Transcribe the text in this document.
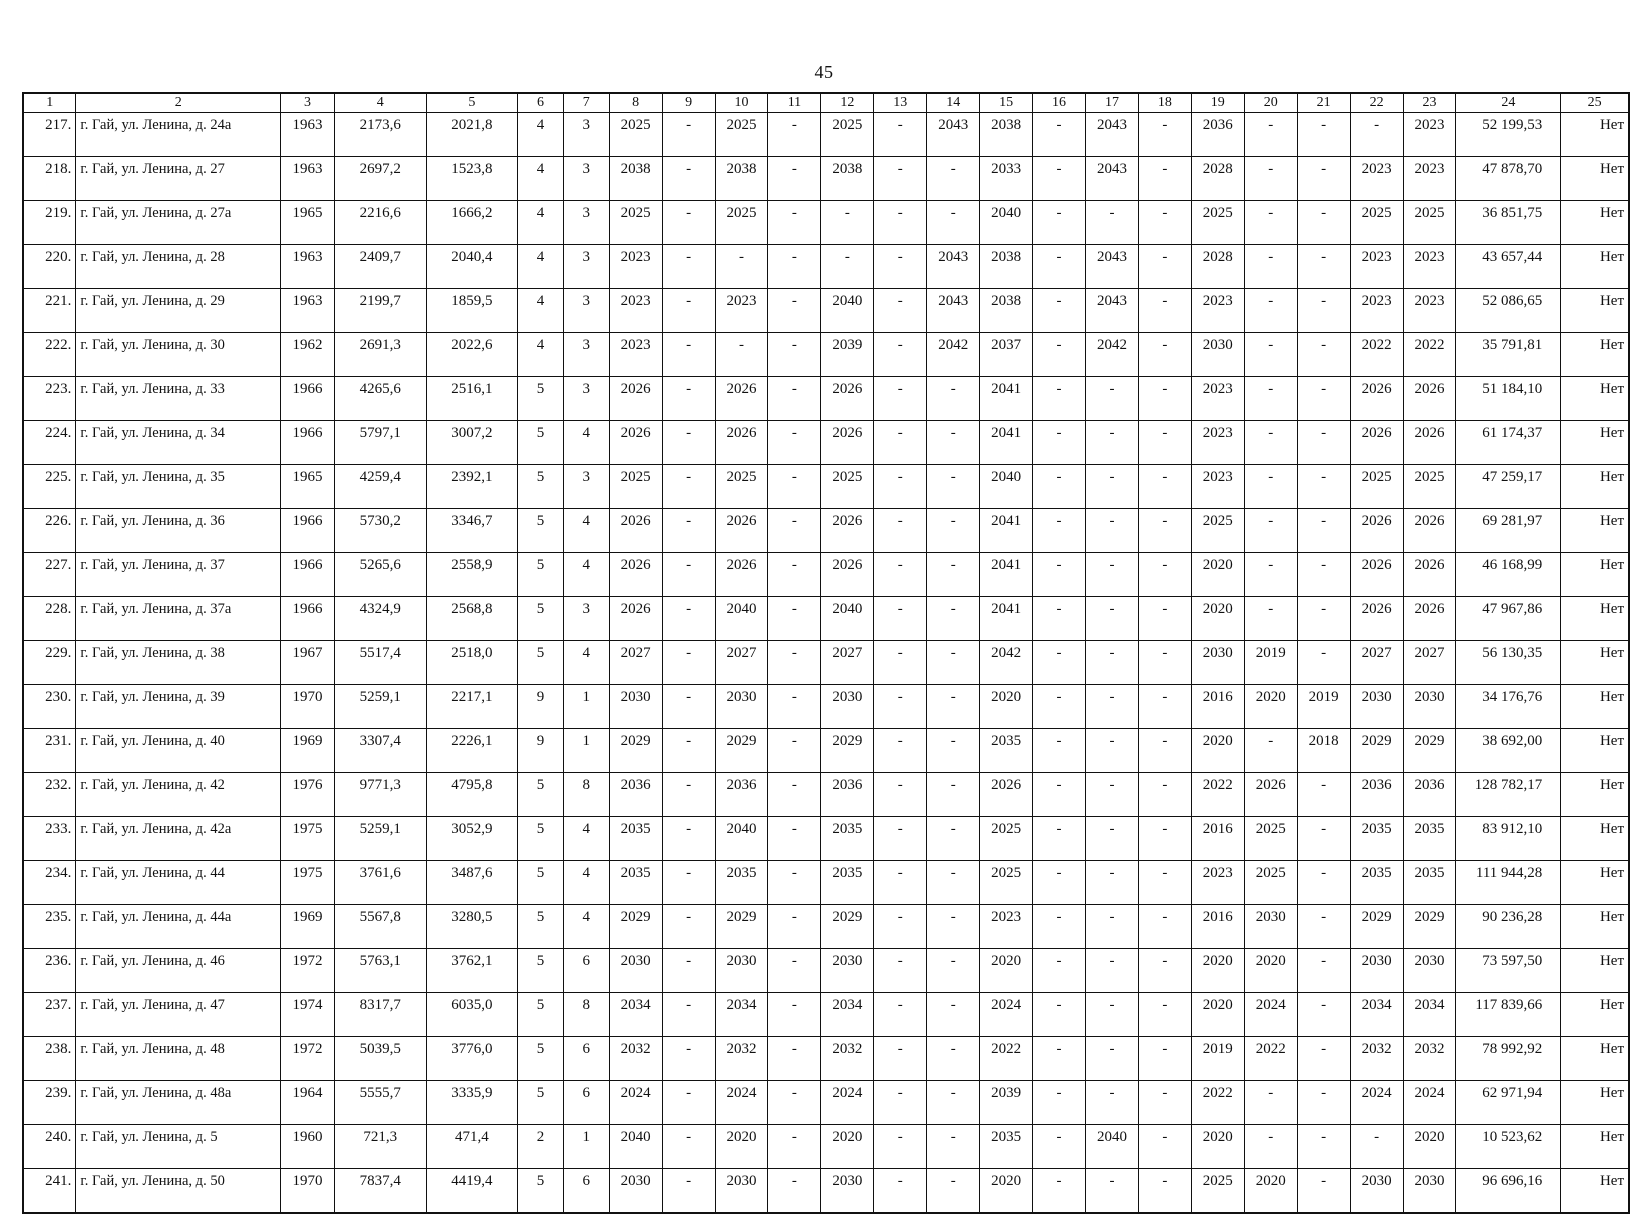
45
1	2	3	4	5	6	7	8	9	10	11	12	13	14	15	16	17	18	19	20	21	22	23	24	25
217.	г. Гай, ул. Ленина, д. 24а	1963	2173,6	2021,8	4	3	2025	-	2025	-	2025	-	2043	2038	-	2043	-	2036	-	-	-	2023	52 199,53	Нет
218.	г. Гай, ул. Ленина, д. 27	1963	2697,2	1523,8	4	3	2038	-	2038	-	2038	-	-	2033	-	2043	-	2028	-	-	2023	2023	47 878,70	Нет
219.	г. Гай, ул. Ленина, д. 27а	1965	2216,6	1666,2	4	3	2025	-	2025	-	-	-	-	2040	-	-	-	2025	-	-	2025	2025	36 851,75	Нет
220.	г. Гай, ул. Ленина, д. 28	1963	2409,7	2040,4	4	3	2023	-	-	-	-	-	2043	2038	-	2043	-	2028	-	-	2023	2023	43 657,44	Нет
221.	г. Гай, ул. Ленина, д. 29	1963	2199,7	1859,5	4	3	2023	-	2023	-	2040	-	2043	2038	-	2043	-	2023	-	-	2023	2023	52 086,65	Нет
222.	г. Гай, ул. Ленина, д. 30	1962	2691,3	2022,6	4	3	2023	-	-	-	2039	-	2042	2037	-	2042	-	2030	-	-	2022	2022	35 791,81	Нет
223.	г. Гай, ул. Ленина, д. 33	1966	4265,6	2516,1	5	3	2026	-	2026	-	2026	-	-	2041	-	-	-	2023	-	-	2026	2026	51 184,10	Нет
224.	г. Гай, ул. Ленина, д. 34	1966	5797,1	3007,2	5	4	2026	-	2026	-	2026	-	-	2041	-	-	-	2023	-	-	2026	2026	61 174,37	Нет
225.	г. Гай, ул. Ленина, д. 35	1965	4259,4	2392,1	5	3	2025	-	2025	-	2025	-	-	2040	-	-	-	2023	-	-	2025	2025	47 259,17	Нет
226.	г. Гай, ул. Ленина, д. 36	1966	5730,2	3346,7	5	4	2026	-	2026	-	2026	-	-	2041	-	-	-	2025	-	-	2026	2026	69 281,97	Нет
227.	г. Гай, ул. Ленина, д. 37	1966	5265,6	2558,9	5	4	2026	-	2026	-	2026	-	-	2041	-	-	-	2020	-	-	2026	2026	46 168,99	Нет
228.	г. Гай, ул. Ленина, д. 37а	1966	4324,9	2568,8	5	3	2026	-	2040	-	2040	-	-	2041	-	-	-	2020	-	-	2026	2026	47 967,86	Нет
229.	г. Гай, ул. Ленина, д. 38	1967	5517,4	2518,0	5	4	2027	-	2027	-	2027	-	-	2042	-	-	-	2030	2019	-	2027	2027	56 130,35	Нет
230.	г. Гай, ул. Ленина, д. 39	1970	5259,1	2217,1	9	1	2030	-	2030	-	2030	-	-	2020	-	-	-	2016	2020	2019	2030	2030	34 176,76	Нет
231.	г. Гай, ул. Ленина, д. 40	1969	3307,4	2226,1	9	1	2029	-	2029	-	2029	-	-	2035	-	-	-	2020	-	2018	2029	2029	38 692,00	Нет
232.	г. Гай, ул. Ленина, д. 42	1976	9771,3	4795,8	5	8	2036	-	2036	-	2036	-	-	2026	-	-	-	2022	2026	-	2036	2036	128 782,17	Нет
233.	г. Гай, ул. Ленина, д. 42а	1975	5259,1	3052,9	5	4	2035	-	2040	-	2035	-	-	2025	-	-	-	2016	2025	-	2035	2035	83 912,10	Нет
234.	г. Гай, ул. Ленина, д. 44	1975	3761,6	3487,6	5	4	2035	-	2035	-	2035	-	-	2025	-	-	-	2023	2025	-	2035	2035	111 944,28	Нет
235.	г. Гай, ул. Ленина, д. 44а	1969	5567,8	3280,5	5	4	2029	-	2029	-	2029	-	-	2023	-	-	-	2016	2030	-	2029	2029	90 236,28	Нет
236.	г. Гай, ул. Ленина, д. 46	1972	5763,1	3762,1	5	6	2030	-	2030	-	2030	-	-	2020	-	-	-	2020	2020	-	2030	2030	73 597,50	Нет
237.	г. Гай, ул. Ленина, д. 47	1974	8317,7	6035,0	5	8	2034	-	2034	-	2034	-	-	2024	-	-	-	2020	2024	-	2034	2034	117 839,66	Нет
238.	г. Гай, ул. Ленина, д. 48	1972	5039,5	3776,0	5	6	2032	-	2032	-	2032	-	-	2022	-	-	-	2019	2022	-	2032	2032	78 992,92	Нет
239.	г. Гай, ул. Ленина, д. 48а	1964	5555,7	3335,9	5	6	2024	-	2024	-	2024	-	-	2039	-	-	-	2022	-	-	2024	2024	62 971,94	Нет
240.	г. Гай, ул. Ленина, д. 5	1960	721,3	471,4	2	1	2040	-	2020	-	2020	-	-	2035	-	2040	-	2020	-	-	-	2020	10 523,62	Нет
241.	г. Гай, ул. Ленина, д. 50	1970	7837,4	4419,4	5	6	2030	-	2030	-	2030	-	-	2020	-	-	-	2025	2020	-	2030	2030	96 696,16	Нет
